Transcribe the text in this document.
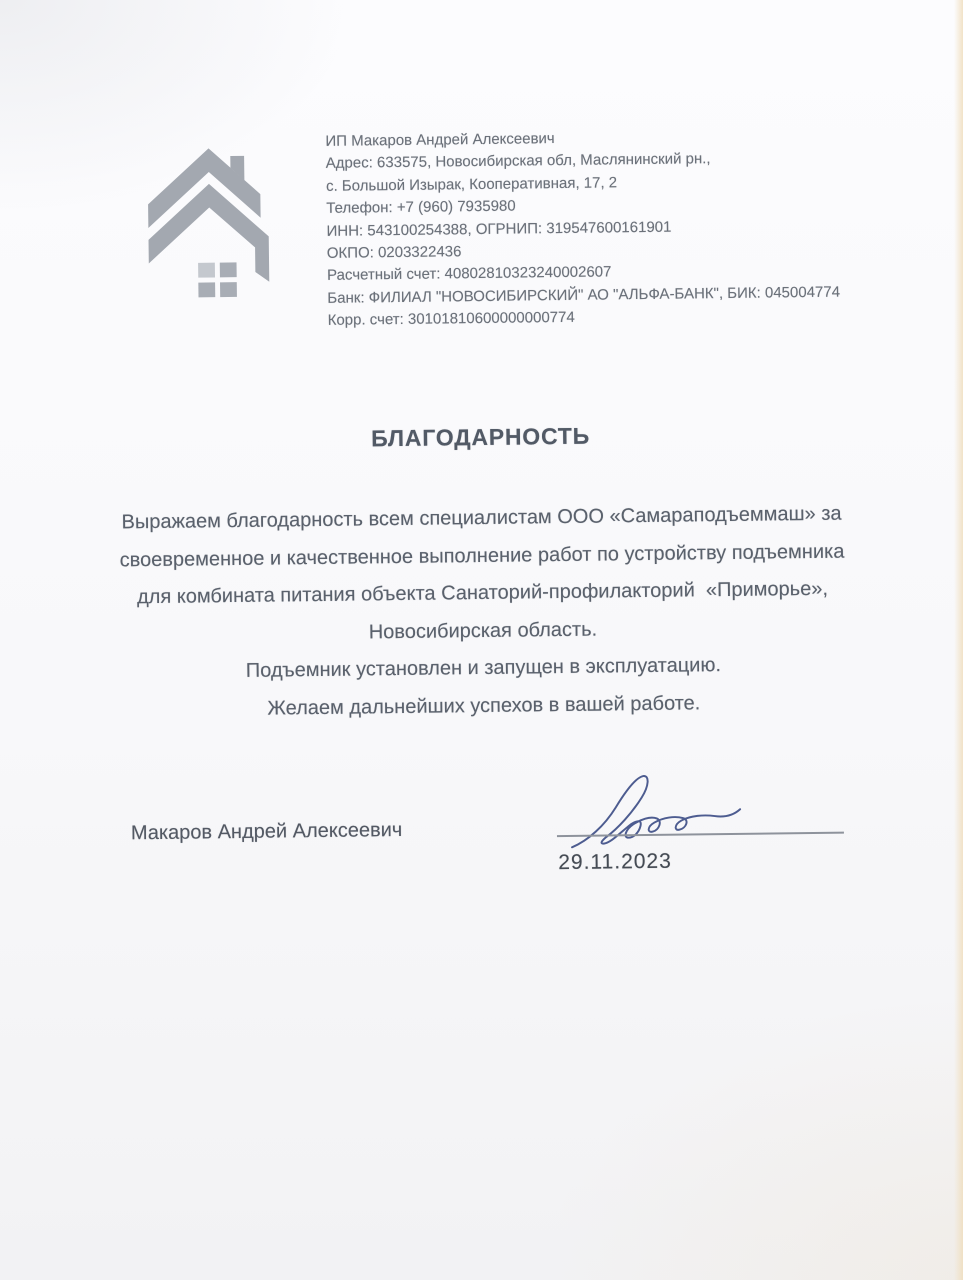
ИП Макаров Андрей Алексеевич
Адрес: 633575, Новосибирская обл, Маслянинский рн.,
с. Большой Изырак, Кооперативная, 17, 2
Телефон: +7 (960) 7935980
ИНН: 543100254388, ОГРНИП: 319547600161901
ОКПО: 0203322436
Расчетный счет: 40802810323240002607
Банк: ФИЛИАЛ "НОВОСИБИРСКИЙ" АО "АЛЬФА-БАНК", БИК: 045004774
Корр. счет: 30101810600000000774
БЛАГОДАРНОСТЬ
Выражаем благодарность всем специалистам ООО «Самараподъеммаш» за
своевременное и качественное выполнение работ по устройству подъемника
для комбината питания объекта Санаторий-профилакторий  «Приморье»,
Новосибирская область.
Подъемник установлен и запущен в эксплуатацию.
Желаем дальнейших успехов в вашей работе.
Макаров Андрей Алексеевич
29.11.2023
